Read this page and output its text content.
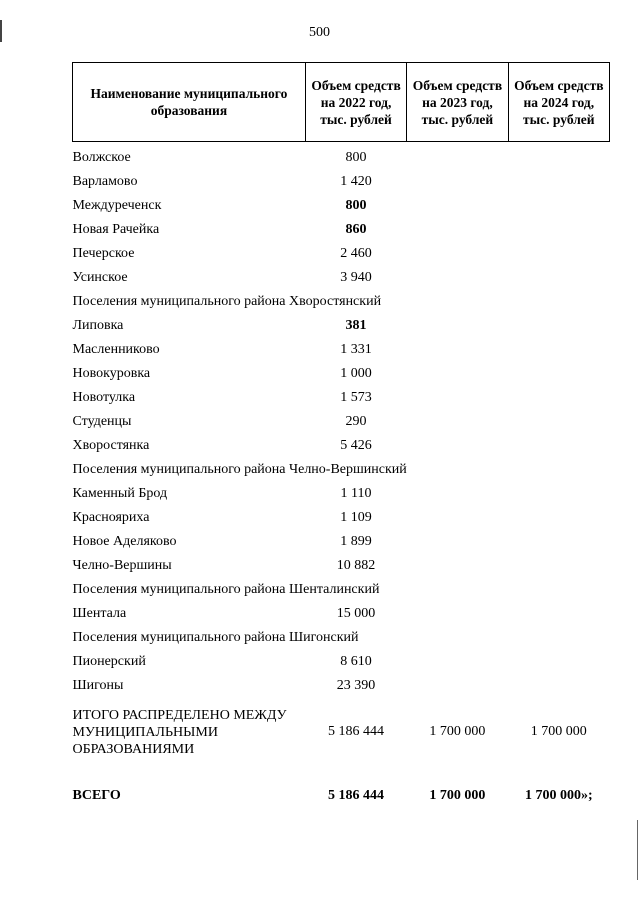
500
Наименование муниципального образования	Объем средств на 2022 год, тыс. рублей	Объем средств на 2023 год, тыс. рублей	Объем средств на 2024 год, тыс. рублей
Волжское	800		
Варламово	1 420		
Междуреченск	800		
Новая Рачейка	860		
Печерское	2 460		
Усинское	3 940		
Поселения муниципального района Хворостянский			
Липовка	381		
Масленниково	1 331		
Новокуровка	1 000		
Новотулка	1 573		
Студенцы	290		
Хворостянка	5 426		
Поселения муниципального района Челно-Вершинский			
Каменный Брод	1 110		
Краснояриха	1 109		
Новое Аделяково	1 899		
Челно-Вершины	10 882		
Поселения муниципального района Шенталинский			
Шентала	15 000		
Поселения муниципального района Шигонский			
Пионерский	8 610		
Шигоны	23 390		
ИТОГО РАСПРЕДЕЛЕНО МЕЖДУ МУНИЦИПАЛЬНЫМИ ОБРАЗОВАНИЯМИ	5 186 444	1 700 000	1 700 000
ВСЕГО	5 186 444	1 700 000	1 700 000»;
